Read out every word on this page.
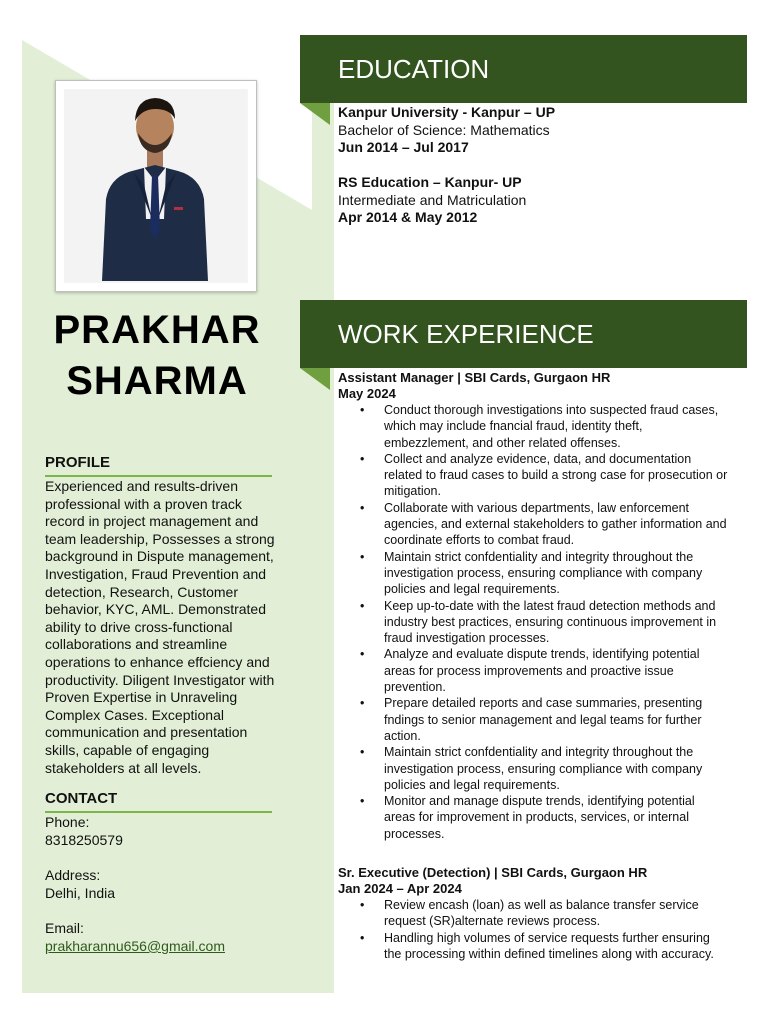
PRAKHAR
SHARMA
PROFILE
Experienced and results-driven professional with a proven track record in project management and team leadership, Possesses a strong background in Dispute management, Investigation, Fraud Prevention and detection, Research, Customer behavior, KYC, AML. Demonstrated ability to drive cross-functional collaborations and streamline operations to enhance effciency and productivity. Diligent Investigator with Proven Expertise in Unraveling Complex Cases. Exceptional communication and presentation skills, capable of engaging stakeholders at all levels.
CONTACT
Phone:
8318250579
Address:
Delhi, India
Email:
prakharannu656@gmail.com
EDUCATION
Kanpur University - Kanpur – UP
Bachelor of Science: Mathematics
Jun 2014 – Jul 2017
RS Education – Kanpur- UP
Intermediate and Matriculation
Apr 2014 & May 2012
WORK EXPERIENCE
Assistant Manager | SBI Cards, Gurgaon HR
May 2024
• Conduct thorough investigations into suspected fraud cases, which may include fnancial fraud, identity theft, embezzlement, and other related offenses.
• Collect and analyze evidence, data, and documentation related to fraud cases to build a strong case for prosecution or mitigation.
• Collaborate with various departments, law enforcement agencies, and external stakeholders to gather information and coordinate efforts to combat fraud.
• Maintain strict confdentiality and integrity throughout the investigation process, ensuring compliance with company policies and legal requirements.
• Keep up-to-date with the latest fraud detection methods and industry best practices, ensuring continuous improvement in fraud investigation processes.
• Analyze and evaluate dispute trends, identifying potential areas for process improvements and proactive issue prevention.
• Prepare detailed reports and case summaries, presenting fndings to senior management and legal teams for further action.
• Maintain strict confdentiality and integrity throughout the investigation process, ensuring compliance with company policies and legal requirements.
• Monitor and manage dispute trends, identifying potential areas for improvement in products, services, or internal processes.
Sr. Executive (Detection) | SBI Cards, Gurgaon HR
Jan 2024 – Apr 2024
• Review encash (loan) as well as balance transfer service request (SR)alternate reviews process.
• Handling high volumes of service requests further ensuring the processing within defined timelines along with accuracy.
